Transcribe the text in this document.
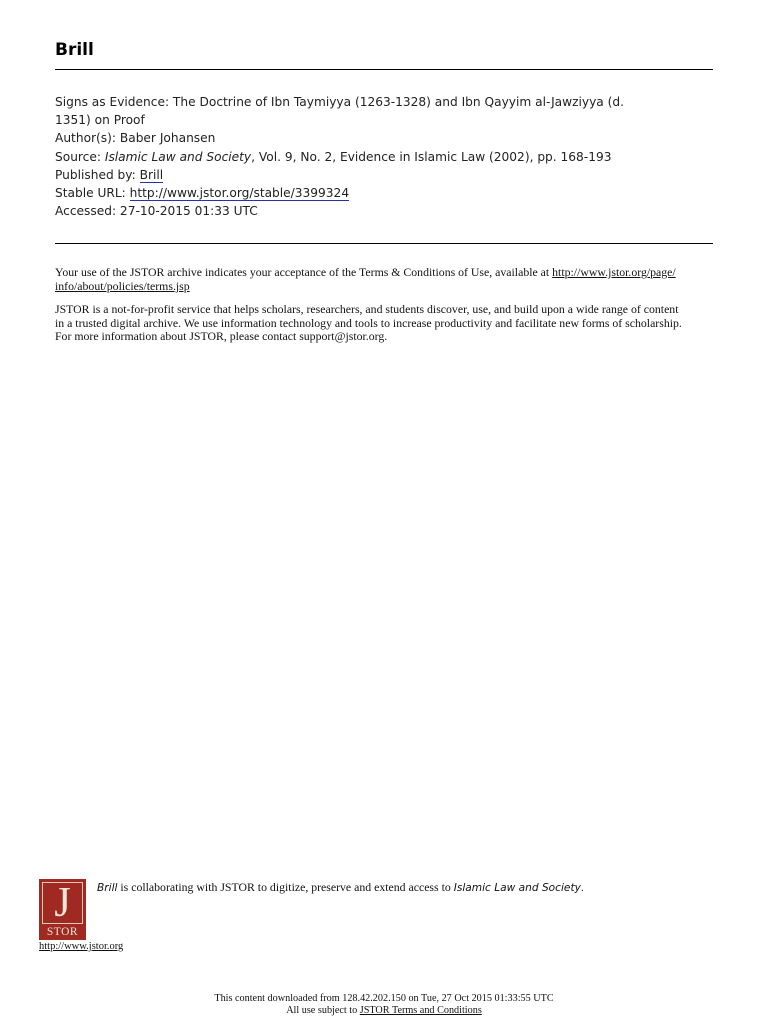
Brill
Signs as Evidence: The Doctrine of Ibn Taymiyya (1263-1328) and Ibn Qayyim al-Jawziyya (d.
1351) on Proof
Author(s): Baber Johansen
Source: Islamic Law and Society, Vol. 9, No. 2, Evidence in Islamic Law (2002), pp. 168-193
Published by: Brill
Stable URL: http://www.jstor.org/stable/3399324
Accessed: 27-10-2015 01:33 UTC

Your use of the JSTOR archive indicates your acceptance of the Terms & Conditions of Use, available at http://www.jstor.org/page/
info/about/policies/terms.jsp

JSTOR is a not-for-profit service that helps scholars, researchers, and students discover, use, and build upon a wide range of content
in a trusted digital archive. We use information technology and tools to increase productivity and facilitate new forms of scholarship.
For more information about JSTOR, please contact support@jstor.org.

J
STOR
http://www.jstor.org
Brill is collaborating with JSTOR to digitize, preserve and extend access to Islamic Law and Society.
This content downloaded from 128.42.202.150 on Tue, 27 Oct 2015 01:33:55 UTC
All use subject to JSTOR Terms and Conditions
